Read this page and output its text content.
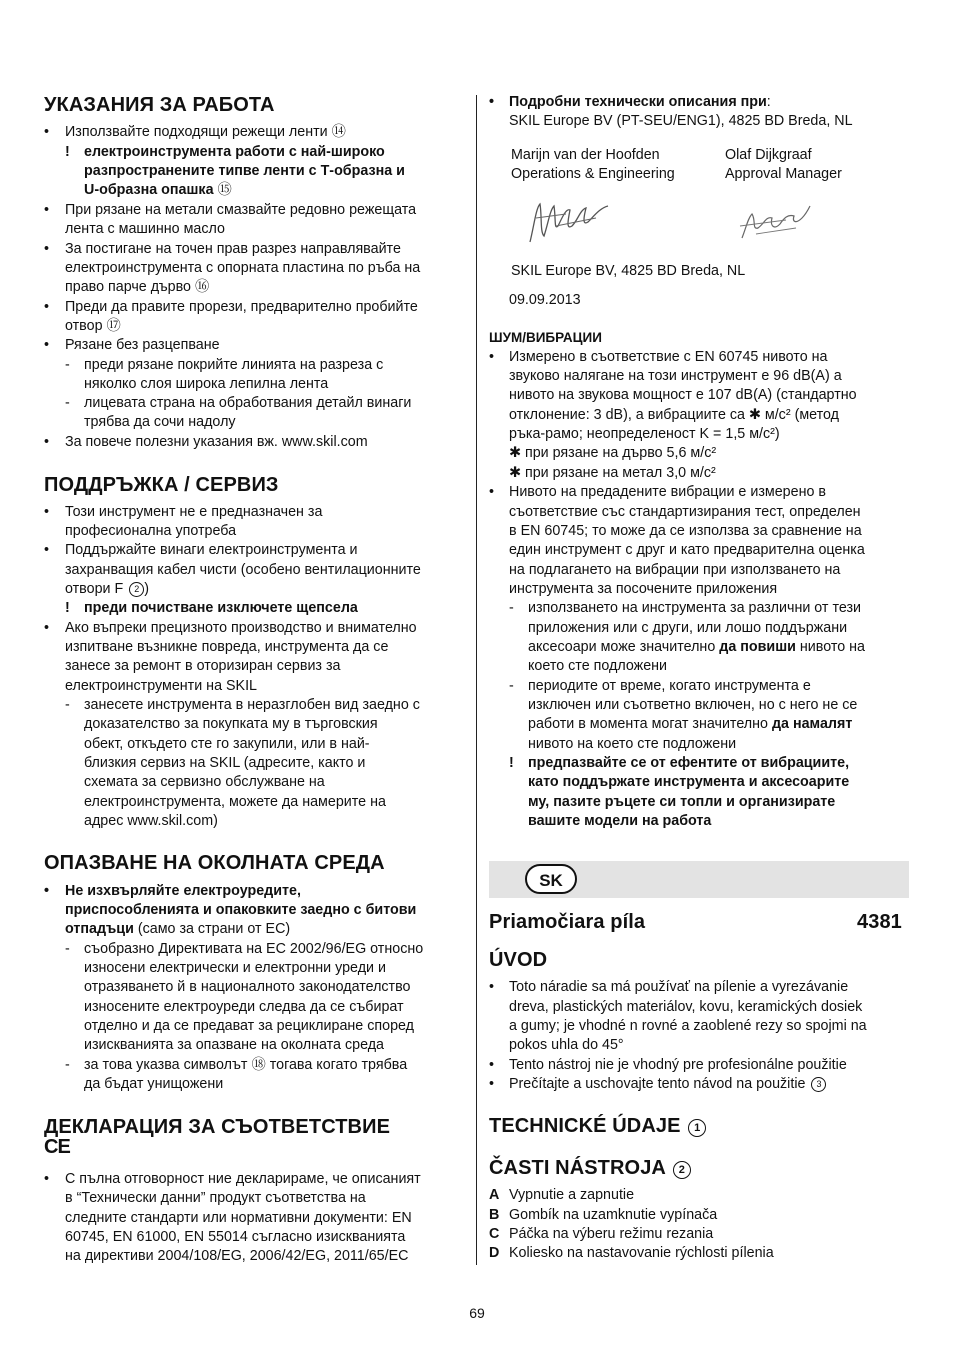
УКАЗАНИЯ ЗА РАБОТА
• Използвайте подходящи режещи ленти ⑭
! електроинструмента работи с най-широко
разпространените типве ленти с Т-образна и
U-образна опашка ⑮
• При рязане на метали смазвайте редовно режещата
лента с машинно масло
• За постигане на точен прав разрез направлявайте
електроинструмента с опорната пластина по ръба на
право парче дърво ⑯
• Преди да правите прорези, предварително пробийте
отвор ⑰
• Рязане без разцепване
- преди рязане покрийте линията на разреза с
няколко слоя широка лепилна лента
- лицевата страна на обработвания детайл винаги
трябва да сочи надолу
• За повече полезни указания вж. www.skil.com
ПОДДРЪЖКА / СЕРВИЗ
• Този инструмент не е предназначен за
професионална употреба
• Поддържайте винаги електроинструмента и
захранващия кабел чисти (особено вентилационните
отвори F 2 )
! преди почистване изключете щепсела
• Ако въпреки прецизното производство и внимателно
изпитване възникне повреда, инструмента да се
занесе за ремонт в оторизиран сервиз за
електроинструменти на SKIL
- занесете инструмента в неразглобен вид заедно с
доказателство за покупката му в търговския
обект, откъдето сте го закупили, или в най-
близкия сервиз на SKIL (адресите, както и
схемата за сервизно обслужване на
електроинструмента, можете да намерите на
адрес www.skil.com)
ОПАЗВАНЕ НА ОКОЛНАТА СРЕДА
• Не изхвърляйте електроуредите,
приспособленията и опаковките заедно с битови
отпадъци (само за страни от ЕС)
- съобразно Директивата на ЕС 2002/96/EG относно
износени електрически и електронни уреди и
отразяването й в националното законодателство
износените електроуреди следва да се събират
отделно и да се предават за рециклиране според
изискванията за опазване на околната среда
- за това указва символът ⑱ тогава когато трябва
да бъдат унищожени
ДЕКЛАРАЦИЯ ЗА СЪОТВЕТСТВИЕ
CE
• С пълна отговорност ние декларираме, че описаният
в “Технически данни” продукт съответства на
следните стандарти или нормативни документи: EN
60745, EN 61000, EN 55014 съгласно изискванията
на директиви 2004/108/EG, 2006/42/EG, 2011/65/EC
• Подробни технически описания при:
SKIL Europe BV (PT-SEU/ENG1), 4825 BD Breda, NL
Marijn van der Hoofden
Operations & Engineering
Olaf Dijkgraaf
Approval Manager
SKIL Europe BV, 4825 BD Breda, NL
09.09.2013
ШУМ/ВИБРАЦИИ
• Измерено в съответствие с EN 60745 нивото на
звуково налягане на този инструмент е 96 dB(A) а
нивото на звукова мощност е 107 dB(A) (стандартно
отклонение: 3 dB), а вибрациите са ✱ м/с² (метод
ръка-рамо; неопределеност K = 1,5 м/с²)
✱ при рязане на дърво 5,6 м/с²
✱ при рязане на метал 3,0 м/с²
• Нивото на предадените вибрации е измерено в
съответствие със стандартизирания тест, определен
в EN 60745; то може да се използва за сравнение на
един инструмент с друг и като предварителна оценка
на подлагането на вибрации при използването на
инструмента за посочените приложения
- използването на инструмента за различни от тези
приложения или с други, или лошо поддържани
аксесоари може значително да повиши нивото на
което сте подложени
- периодите от време, когато инструмента е
изключен или съответно включен, но с него не се
работи в момента могат значително да намалят
нивото на което сте подложени
! предпазвайте се от ефентите от вибрациите,
като поддържате инструмента и аксесоарите
му, пазите ръцете си топли и организирате
вашите модели на работа
SK
Priamočiara píla	4381
ÚVOD
• Toto náradie sa má používať na pílenie a vyrezávanie
dreva, plastických materiálov, kovu, keramických dosiek
a gumy; je vhodné n rovné a zaoblené rezy so spojmi na
pokos uhla do 45°
• Tento nástroj nie je vhodný pre profesionálne použitie
• Prečítajte a uschovajte tento návod na použitie 3
TECHNICKÉ ÚDAJE 1
ČASTI NÁSTROJA 2
A Vypnutie a zapnutie
B Gombík na uzamknutie vypínača
C Páčka na výberu režimu rezania
D Koliesko na nastavovanie rýchlosti pílenia
69
